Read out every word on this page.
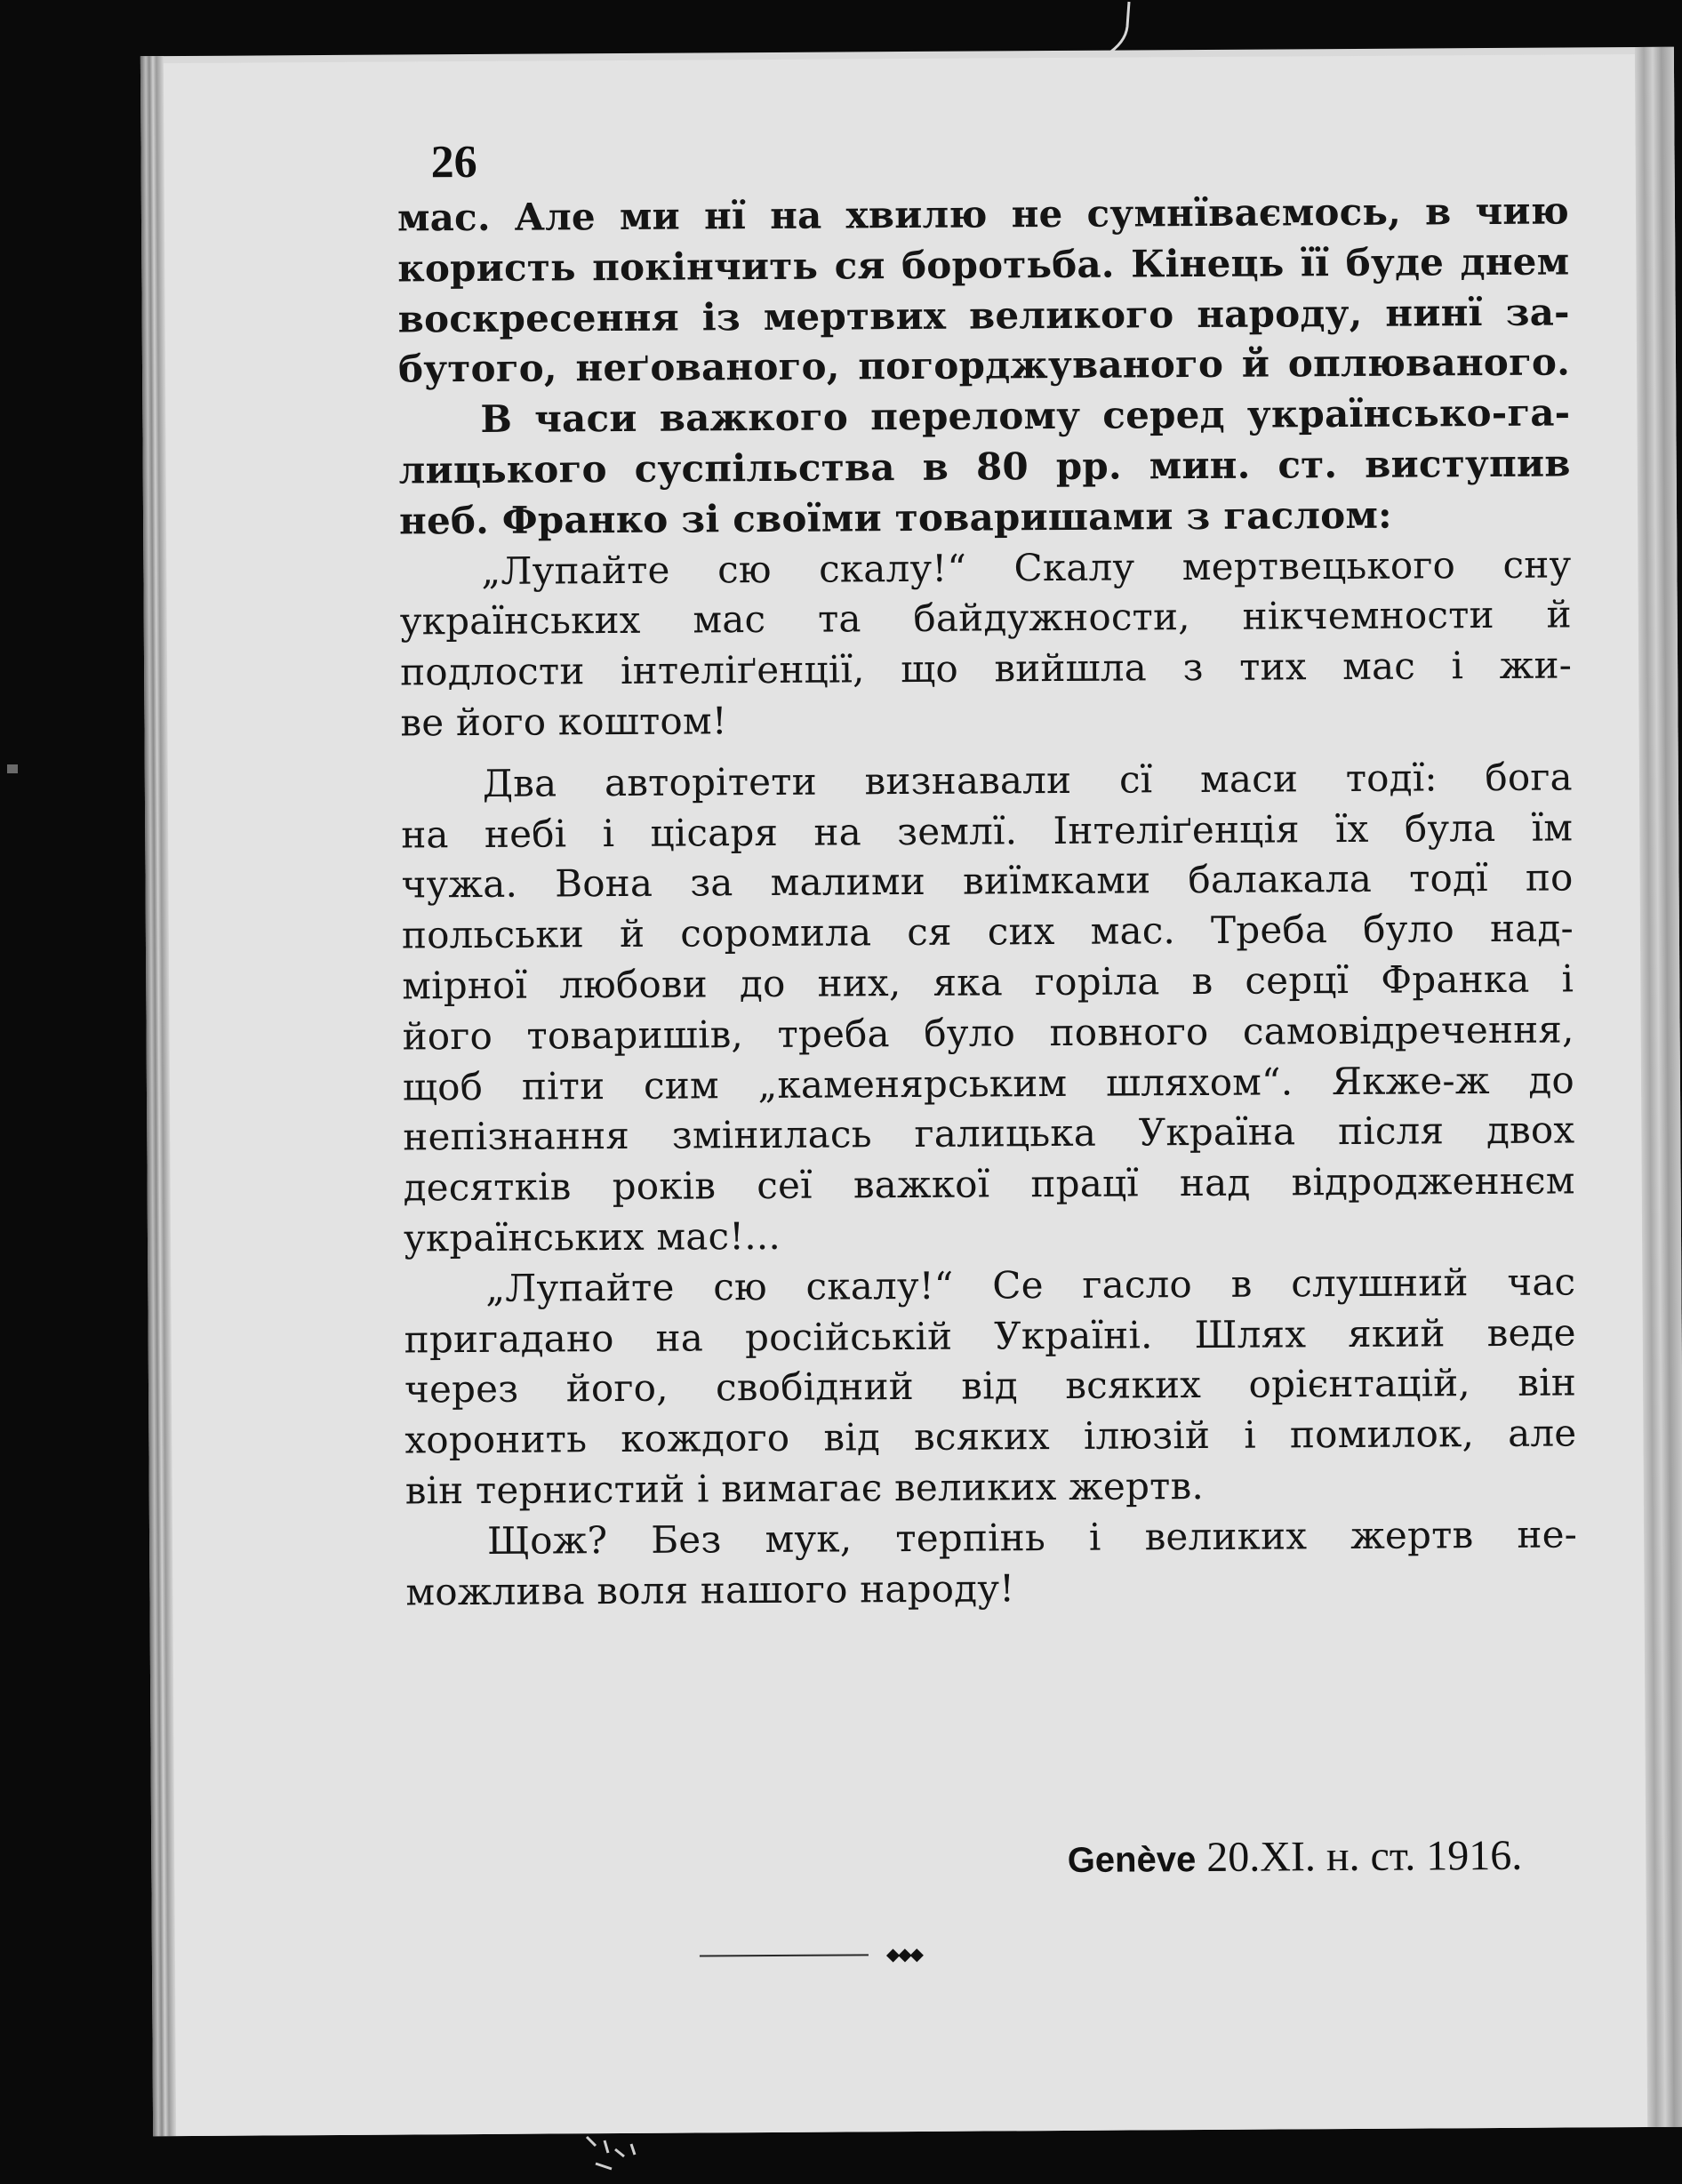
26
мас. Але ми нї на хвилю не сумнїваємось, в чию
користь покінчить ся боротьба. Кінець її буде днем
воскресення із мертвих великого народу, нинї за-
бутого, неґованого, погорджуваного й оплюваного.
В часи важкого перелому серед українсько-га-
лицького суспільства в 80 рр. мин. ст. виступив
неб. Франко зі своїми товаришами з гаслом:
„Лупайте сю скалу!“ Скалу мертвецького сну
українських мас та байдужности, нікчемности й
подлости інтеліґенції, що вийшла з тих мас і жи-
ве його коштом!
Два авторітети визнавали сї маси тодї: бога
на небі і цісаря на землї. Інтеліґенція їх була їм
чужа. Вона за малими виїмками балакала тодї по
польськи й соромила ся сих мас. Треба було над-
мірної любови до них, яка горіла в серцї Франка і
його товаришів, треба було повного самовідречення,
щоб піти сим „каменярським шляхом“. Якже-ж до
непізнання змінилась галицька Україна після двох
десятків років сеї важкої працї над відродженнєм
українських мас!...
„Лупайте сю скалу!“ Се гасло в слушний час
пригадано на російській Україні. Шлях який веде
через його, свобідний від всяких орієнтацій, він
хоронить кождого від всяких ілюзій і помилок, але
він тернистий і вимагає великих жертв.
Щож? Без мук, терпінь і великих жертв не-
можлива воля нашого народу!
Genève 20.XI. н. ст. 1916.
◆◆◆
